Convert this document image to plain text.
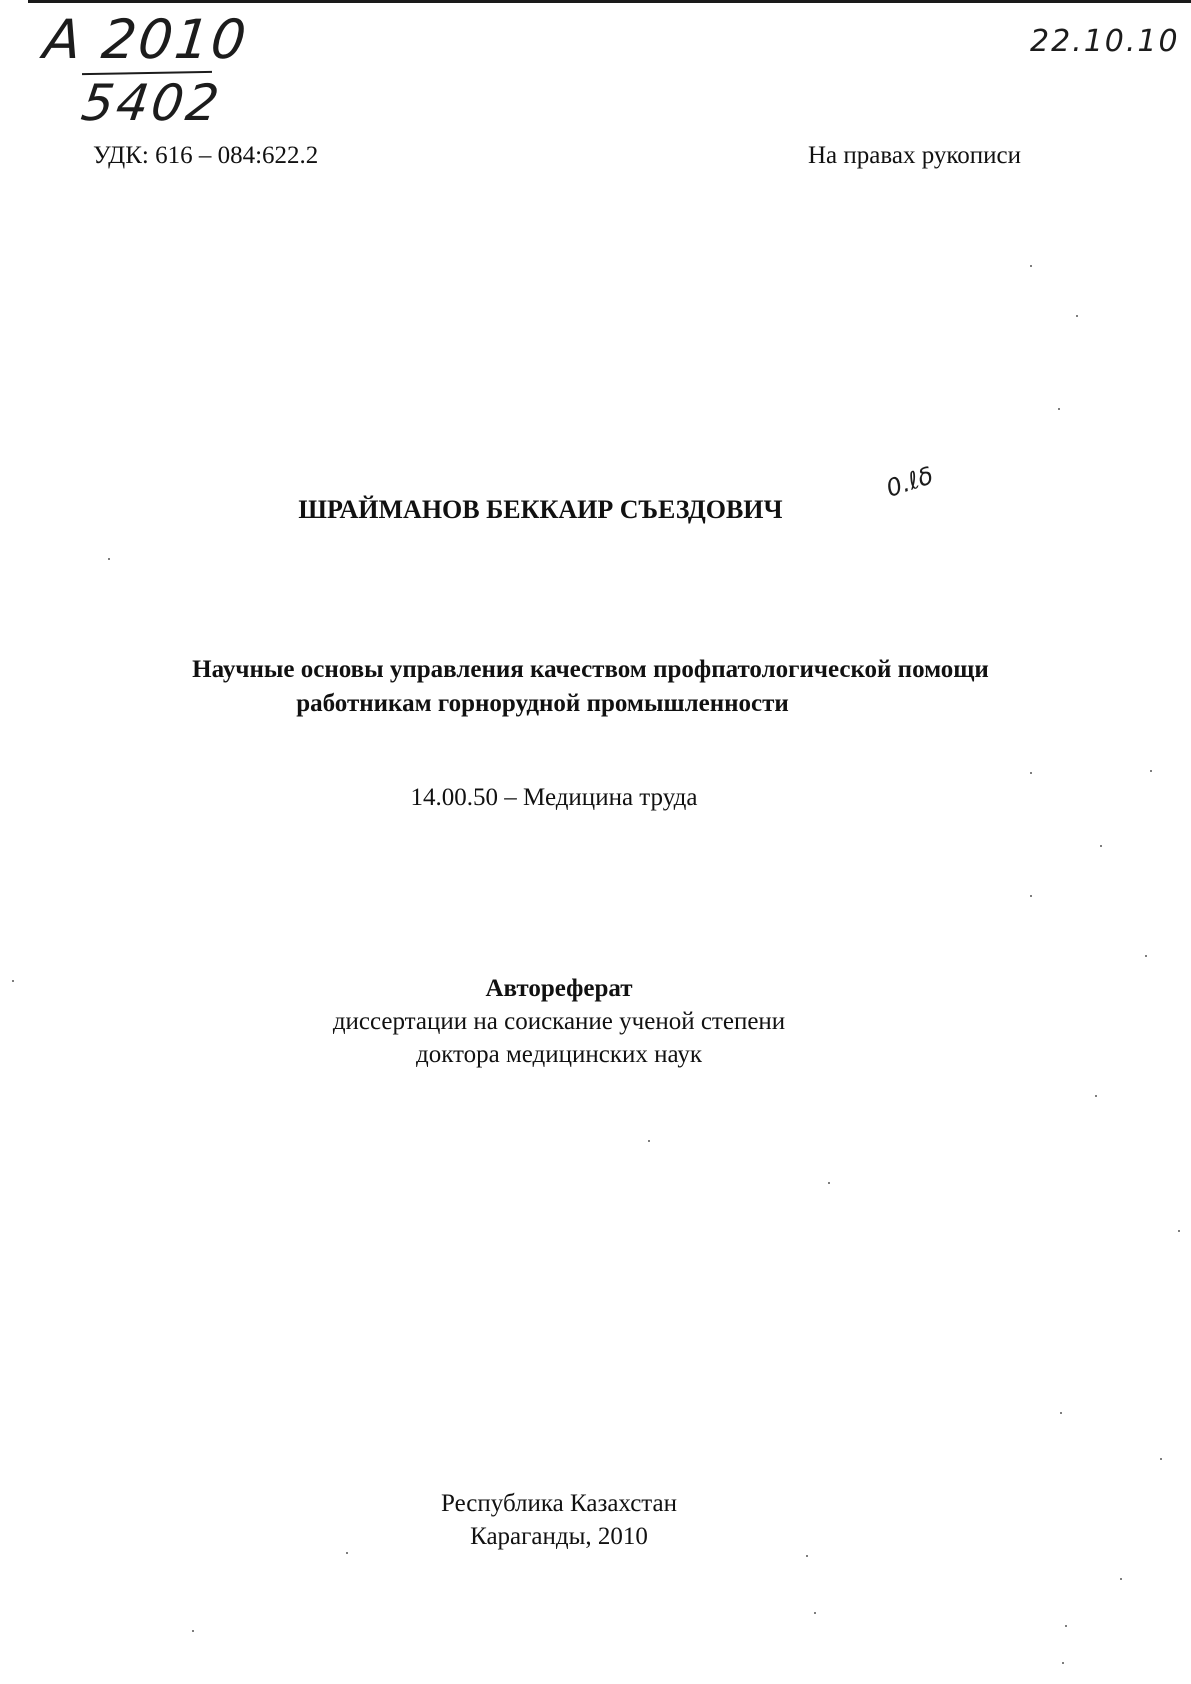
А 2010
5402
22.10.10
УДК: 616 – 084:622.2	На правах рукописи
ШРАЙМАНОВ БЕККАИР СЪЕЗДОВИЧ
0.ℓδ
Научные основы управления качеством профпатологической помощи
работникам горнорудной промышленности
14.00.50 – Медицина труда
Автореферат
диссертации на соискание ученой степени
доктора медицинских наук
Республика Казахстан
Караганды, 2010
